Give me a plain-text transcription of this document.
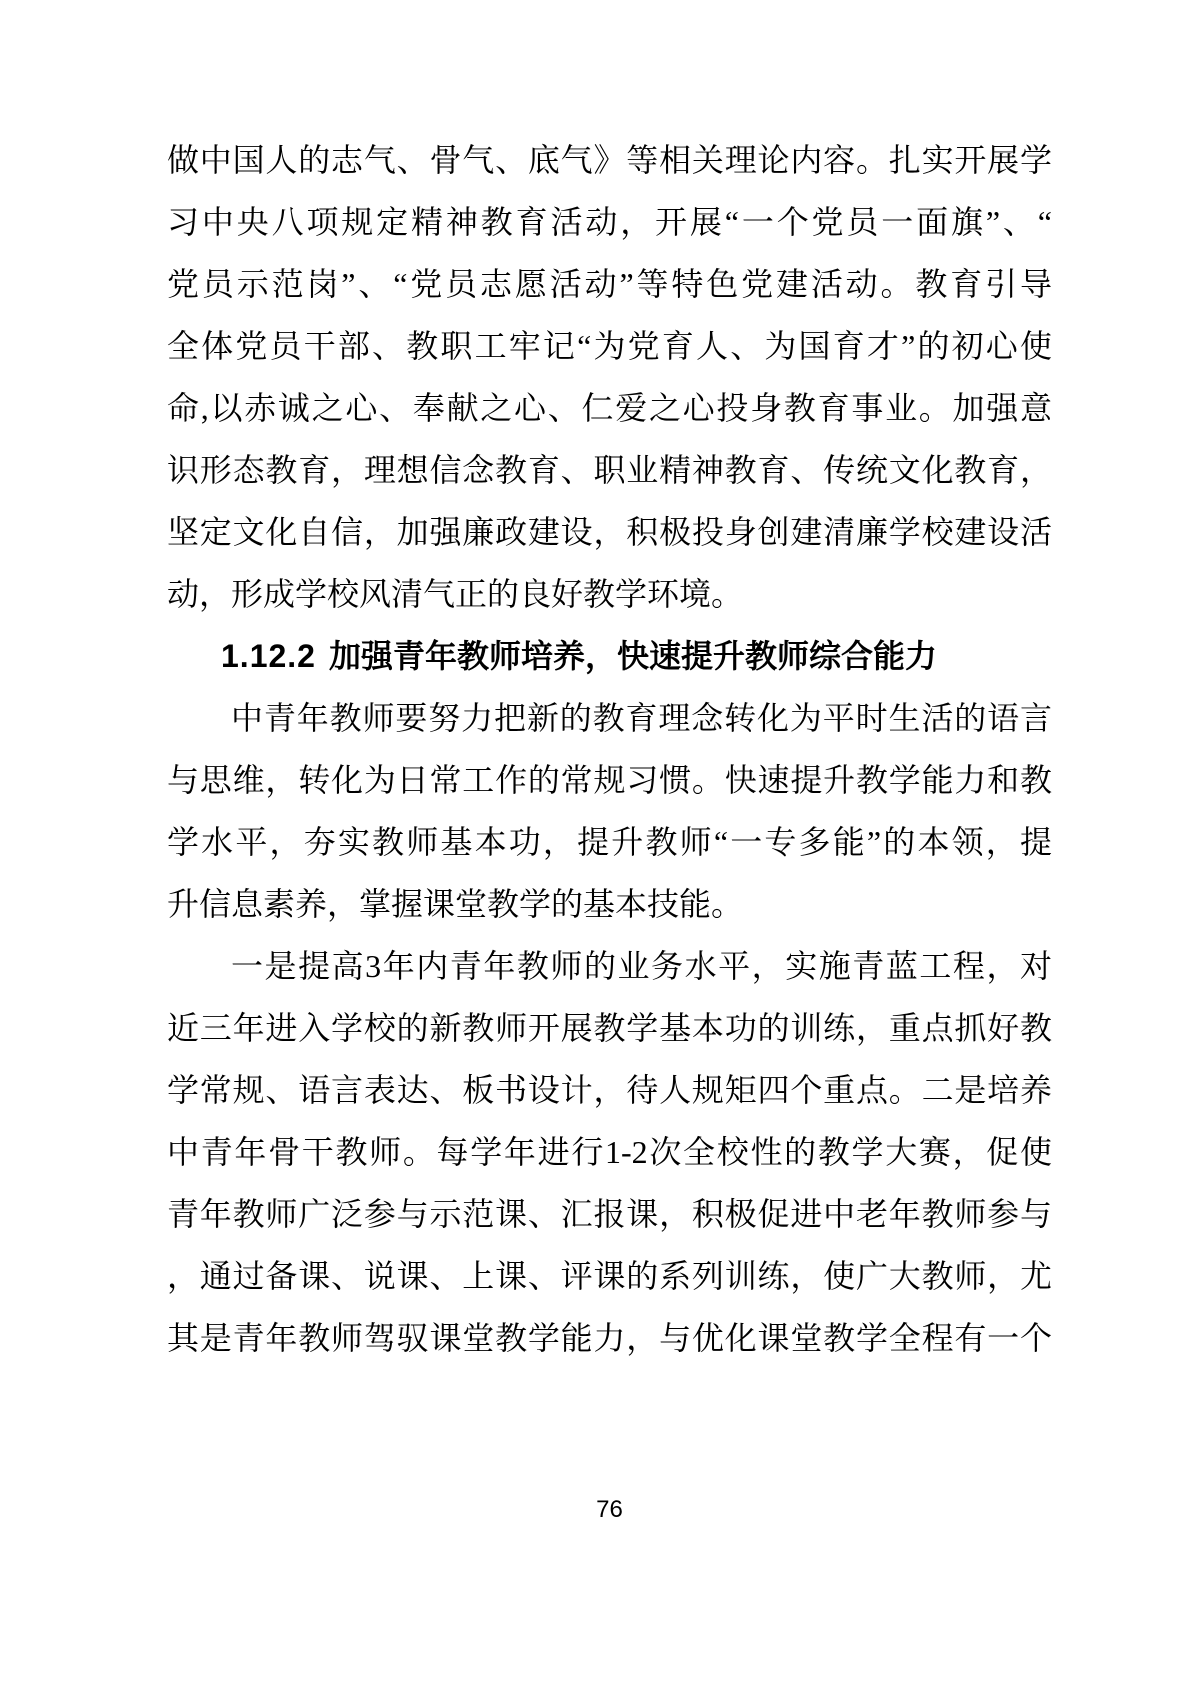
做中国人的志气、骨气、底气》等相关理论内容。扎实开展学
习中央八项规定精神教育活动，开展“一个党员一面旗”、“
党员示范岗”、“党员志愿活动”等特色党建活动。教育引导
全体党员干部、教职工牢记“为党育人、为国育才”的初心使
命,以赤诚之心、奉献之心、仁爱之心投身教育事业。加强意
识形态教育，理想信念教育、职业精神教育、传统文化教育，
坚定文化自信，加强廉政建设，积极投身创建清廉学校建设活
动，形成学校风清气正的良好教学环境。
1.12.2 加强青年教师培养，快速提升教师综合能力
中青年教师要努力把新的教育理念转化为平时生活的语言
与思维，转化为日常工作的常规习惯。快速提升教学能力和教
学水平，夯实教师基本功，提升教师“一专多能”的本领，提
升信息素养，掌握课堂教学的基本技能。
一是提高3年内青年教师的业务水平，实施青蓝工程，对
近三年进入学校的新教师开展教学基本功的训练，重点抓好教
学常规、语言表达、板书设计，待人规矩四个重点。二是培养
中青年骨干教师。每学年进行1-2次全校性的教学大赛，促使
青年教师广泛参与示范课、汇报课，积极促进中老年教师参与
，通过备课、说课、上课、评课的系列训练，使广大教师，尤
其是青年教师驾驭课堂教学能力，与优化课堂教学全程有一个
76
